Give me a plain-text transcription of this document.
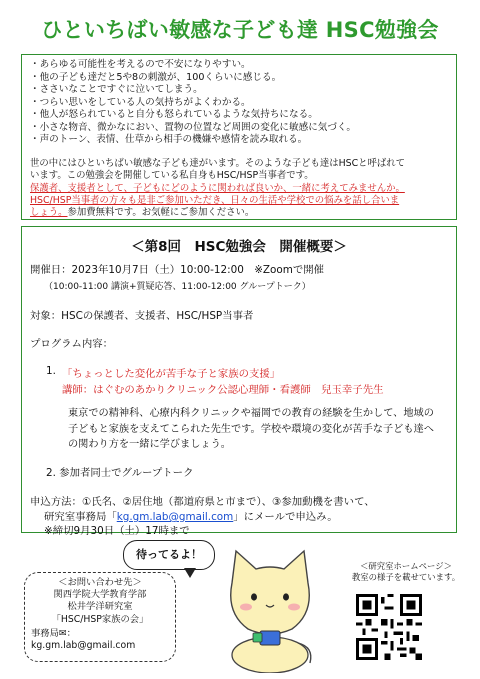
ひといちばい敏感な子ども達 HSC勉強会
・ あらゆる可能性を考えるので不安になりやすい。
・ 他の子ども達だと5や8の刺激が、100くらいに感じる。
・ ささいなことですぐに泣いてしまう。
・ つらい思いをしている人の気持ちがよくわかる。
・ 他人が怒られていると自分も怒られているような気持ちになる。
・ 小さな物音、微かなにおい、置物の位置など周囲の変化に敏感に気づく。
・ 声のトーン、表情、仕草から相手の機嫌や感情を読み取れる。
世の中にはひといちばい敏感な子ども達がいます。そのような子ども達はHSCと呼ばれて
います。この勉強会を開催している私自身もHSC/HSP当事者です。
保護者、支援者として、子どもにどのように関われば良いか、一緒に考えてみませんか。
HSC/HSP当事者の方々も是非ご参加いただき、日々の生活や学校での悩みを話し合いま
しょう。参加費無料です。お気軽にご参加ください。
＜第8回　HSC勉強会　開催概要＞
開催日：2023年10月7日（土）10:00-12:00　※Zoomで開催
（10:00-11:00 講演+質疑応答、11:00-12:00 グループトーク）
対象：HSCの保護者、支援者、HSC/HSP当事者
プログラム内容：
1. 「ちょっとした変化が苦手な子と家族の支援」
講師：はぐむのあかりクリニック公認心理師・看護師　兒玉幸子先生
東京での精神科、心療内科クリニックや福岡での教育の経験を生かして、地域の子どもと家族を支えてこられた先生です。学校や環境の変化が苦手な子ども達への関わり方を一緒に学びましょう。
2. 参加者同士でグループトーク
申込方法：①氏名、②居住地（都道府県と市まで）、③参加動機を書いて、
研究室事務局「kg.gm.lab@gmail.com」にメールで申込み。
※締切9月30日（土）17時まで
待ってるよ！
＜お問い合わせ先＞
関西学院大学教育学部
松井学洋研究室
「HSC/HSP家族の会」
事務局✉：kg.gm.lab@gmail.com
＜研究室ホームページ＞
教室の様子を載せています。
